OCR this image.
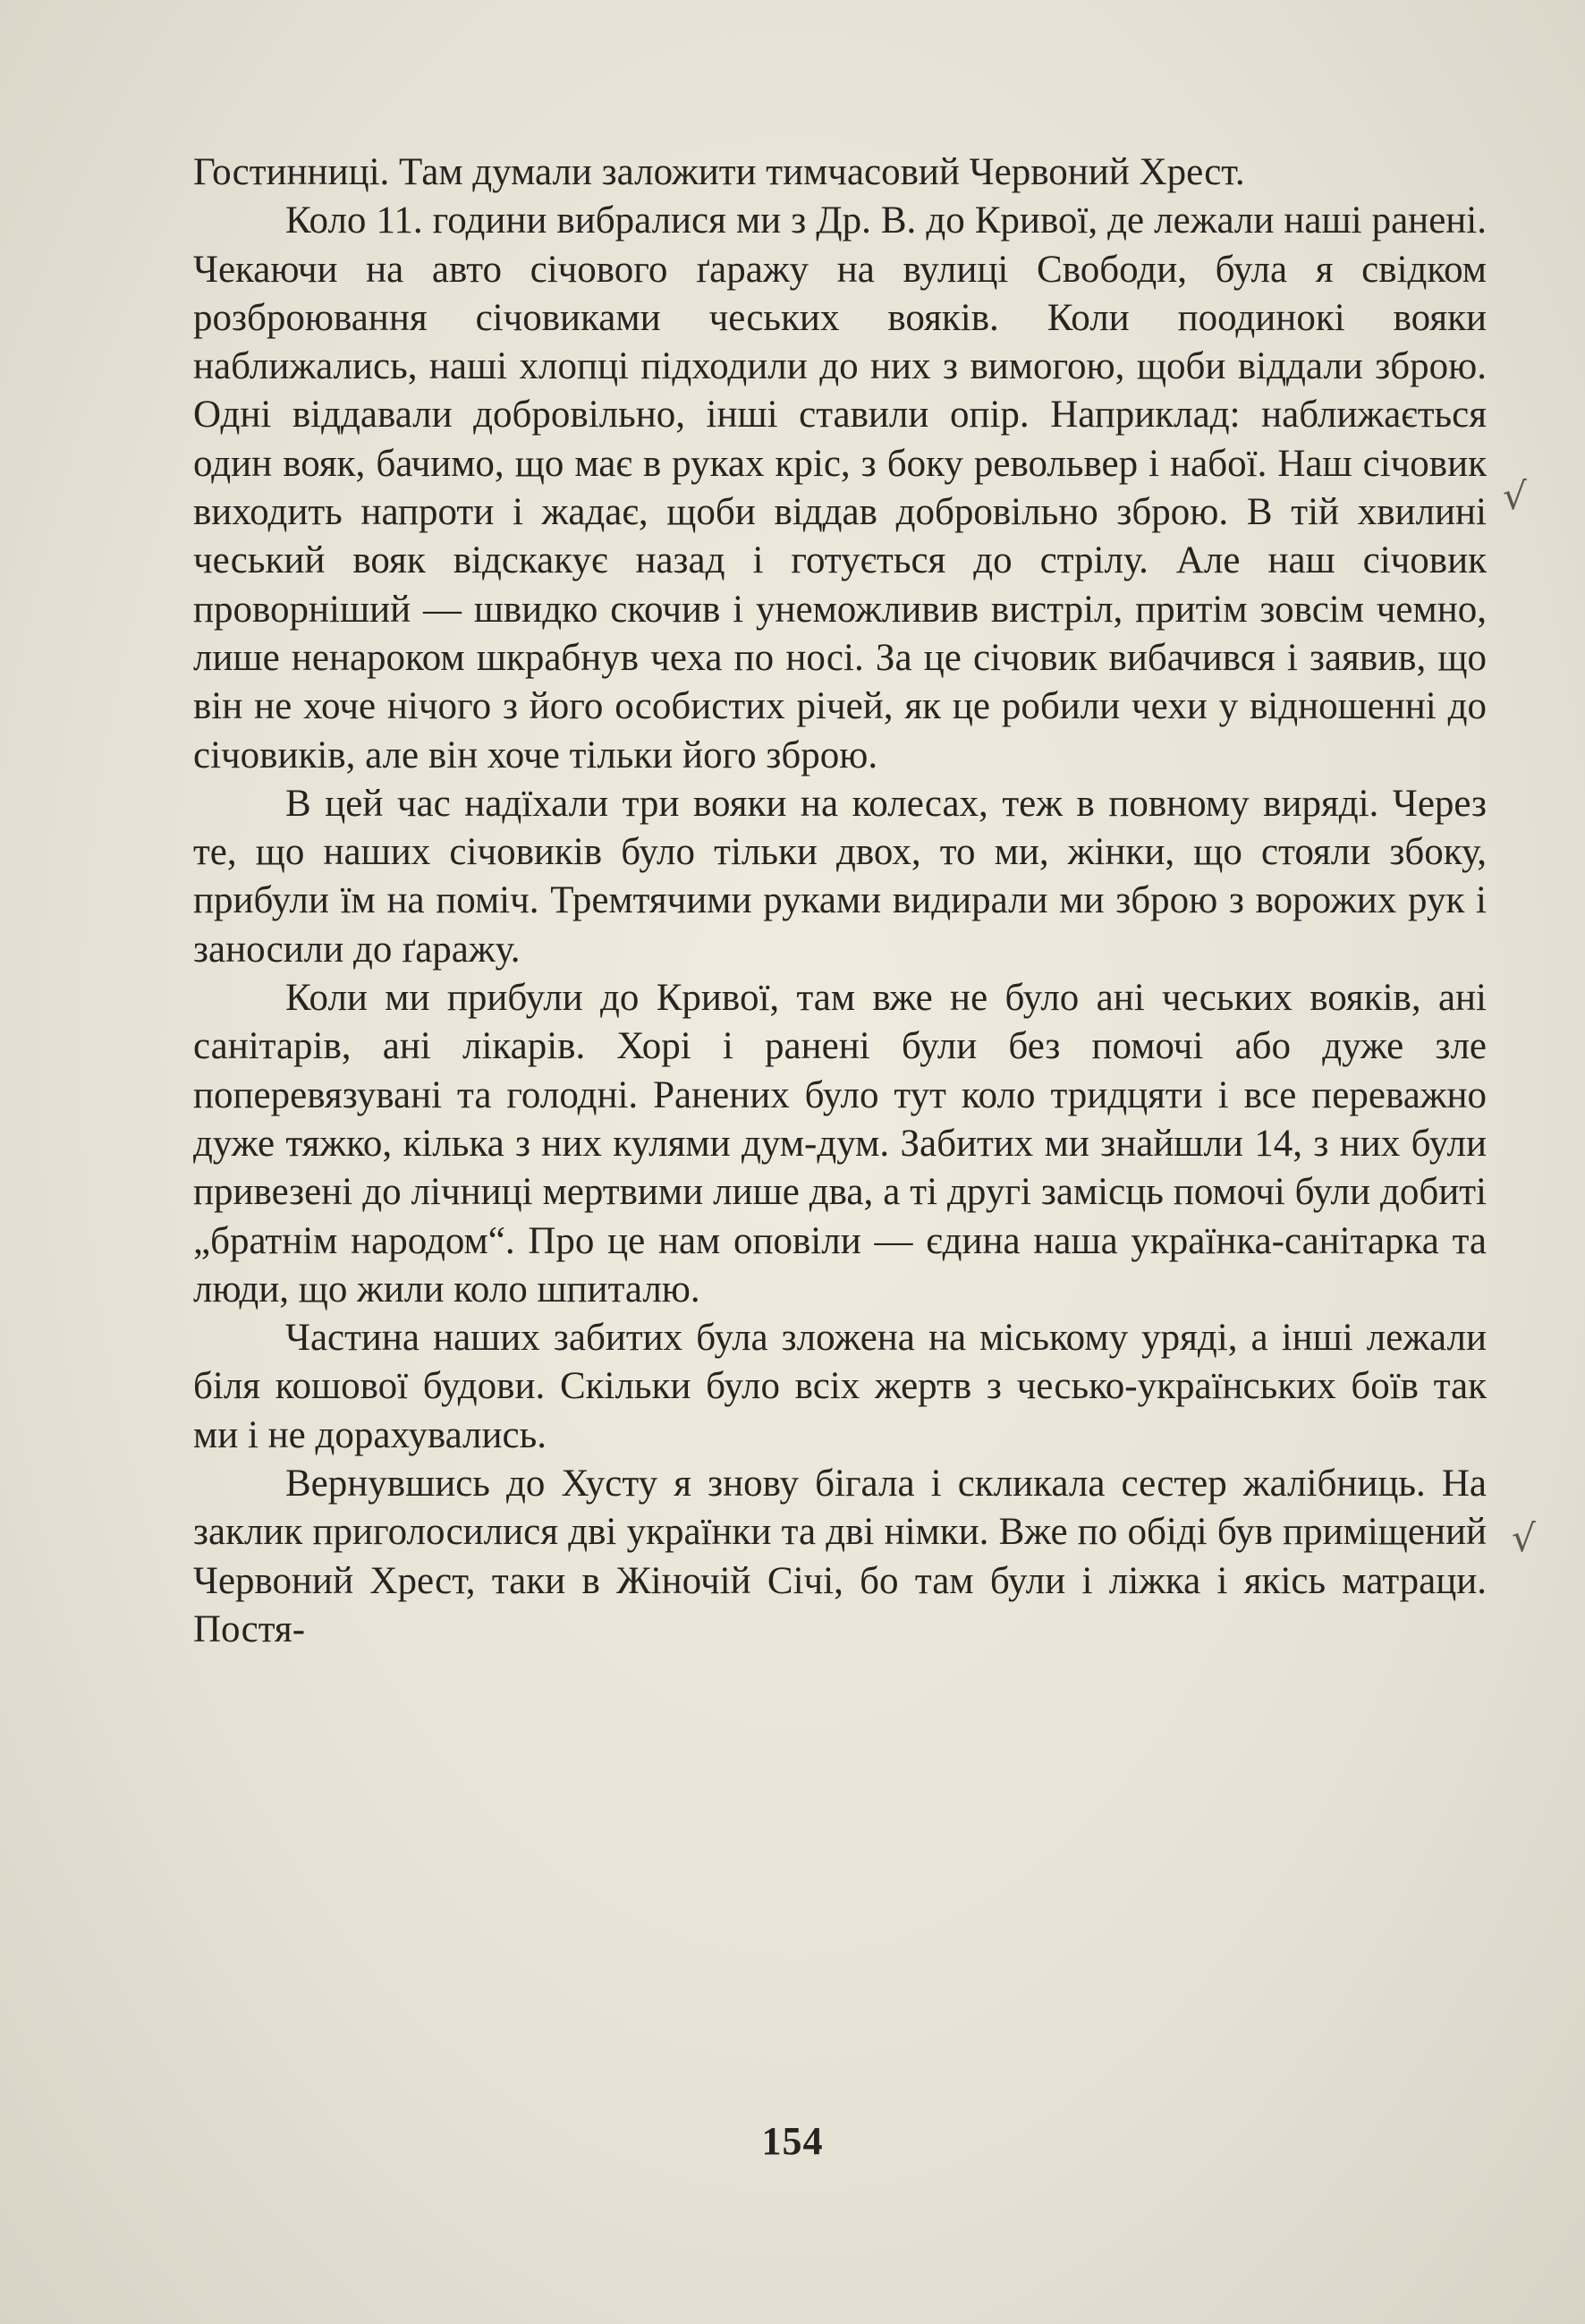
Гостинниці. Там думали заложити тимчасовий Червоний Хрест.

Коло 11. години вибралися ми з Др. В. до Кривої, де лежали наші ранені. Чекаючи на авто січового ґаражу на вулиці Свободи, була я свідком розброювання січовиками чеських вояків. Коли поодинокі вояки наближались, наші хлопці підходили до них з вимогою, щоби віддали зброю. Одні віддавали добровільно, інші ставили опір. Наприклад: наближається один вояк, бачимо, що має в руках кріс, з боку револьвер і набої. Наш січовик виходить напроти і жадає, щоби віддав добровільно зброю. В тій хвилині чеський вояк відскакує назад і готується до стрілу. Але наш січовик проворніший — швидко скочив і унеможливив вистріл, притім зовсім чемно, лише ненароком шкрабнув чеха по носі. За це січовик вибачився і заявив, що він не хоче нічого з його особистих річей, як це робили чехи у відношенні до січовиків, але він хоче тільки його зброю.

В цей час надїхали три вояки на колесах, теж в повному виряді. Через те, що наших січовиків було тільки двох, то ми, жінки, що стояли збоку, прибули їм на поміч. Тремтячими руками видирали ми зброю з ворожих рук і заносили до ґаражу.

Коли ми прибули до Кривої, там вже не було ані чеських вояків, ані санітарів, ані лікарів. Хорі і ранені були без помочі або дуже зле поперевязувані та голодні. Ранених було тут коло тридцяти і все переважно дуже тяжко, кілька з них кулями дум-дум. Забитих ми знайшли 14, з них були привезені до лічниці мертвими лише два, а ті другі замісць помочі були добиті „братнім народом“. Про це нам оповіли — єдина наша українка-санітарка та люди, що жили коло шпиталю.

Частина наших забитих була зложена на міському уряді, а інші лежали біля кошової будови. Скільки було всіх жертв з чесько-українських боїв так ми і не дорахувались.

Вернувшись до Хусту я знову бігала і скликала сестер жалібниць. На заклик приголосилися дві українки та дві німки. Вже по обіді був приміщений Червоний Хрест, таки в Жіночій Січі, бо там були і ліжка і якісь матраци. Постя-

√
√
154
